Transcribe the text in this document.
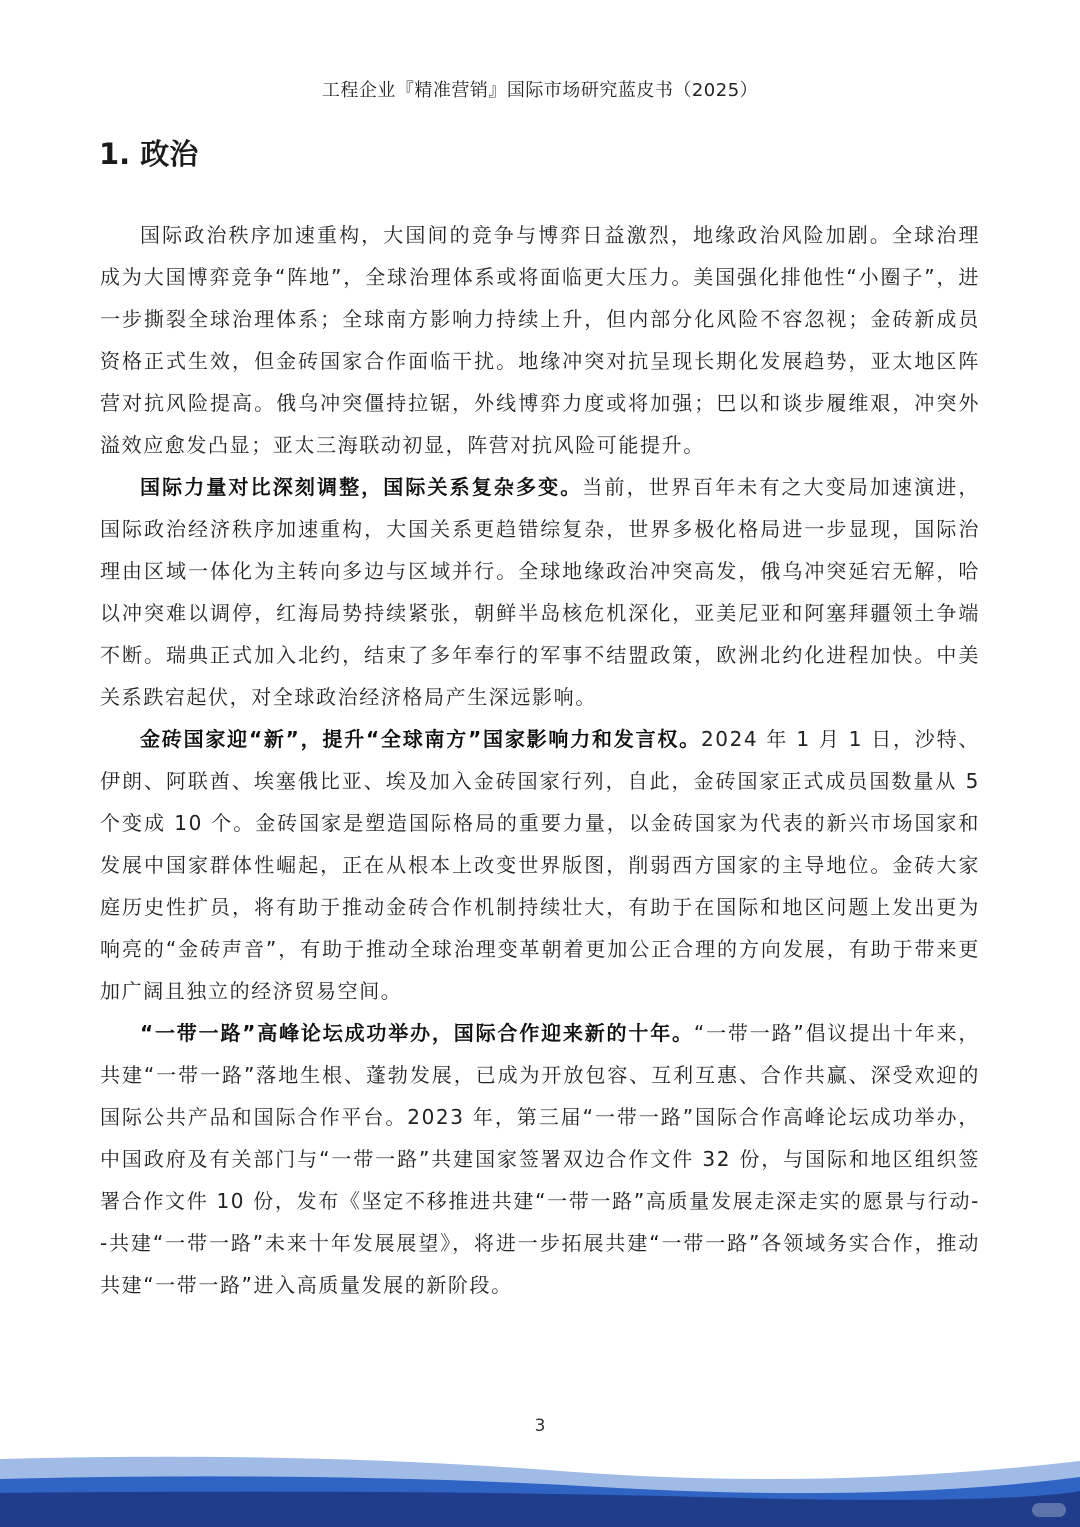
工程企业『精准营销』国际市场研究蓝皮书（2025）
1. 政治

国际政治秩序加速重构，大国间的竞争与博弈日益激烈，地缘政治风险加剧。全球治理成为大国博弈竞争“阵地”，全球治理体系或将面临更大压力。美国强化排他性“小圈子”，进一步撕裂全球治理体系；全球南方影响力持续上升，但内部分化风险不容忽视；金砖新成员资格正式生效，但金砖国家合作面临干扰。地缘冲突对抗呈现长期化发展趋势，亚太地区阵营对抗风险提高。俄乌冲突僵持拉锯，外线博弈力度或将加强；巴以和谈步履维艰，冲突外溢效应愈发凸显；亚太三海联动初显，阵营对抗风险可能提升。

国际力量对比深刻调整，国际关系复杂多变。当前，世界百年未有之大变局加速演进，国际政治经济秩序加速重构，大国关系更趋错综复杂，世界多极化格局进一步显现，国际治理由区域一体化为主转向多边与区域并行。全球地缘政治冲突高发，俄乌冲突延宕无解，哈以冲突难以调停，红海局势持续紧张，朝鲜半岛核危机深化，亚美尼亚和阿塞拜疆领土争端不断。瑞典正式加入北约，结束了多年奉行的军事不结盟政策，欧洲北约化进程加快。中美关系跌宕起伏，对全球政治经济格局产生深远影响。

金砖国家迎“新”，提升“全球南方”国家影响力和发言权。2024 年 1 月 1 日，沙特、伊朗、阿联酋、埃塞俄比亚、埃及加入金砖国家行列，自此，金砖国家正式成员国数量从 5 个变成 10 个。金砖国家是塑造国际格局的重要力量，以金砖国家为代表的新兴市场国家和发展中国家群体性崛起，正在从根本上改变世界版图，削弱西方国家的主导地位。金砖大家庭历史性扩员，将有助于推动金砖合作机制持续壮大，有助于在国际和地区问题上发出更为响亮的“金砖声音”，有助于推动全球治理变革朝着更加公正合理的方向发展，有助于带来更加广阔且独立的经济贸易空间。

“一带一路”高峰论坛成功举办，国际合作迎来新的十年。“一带一路”倡议提出十年来，共建“一带一路”落地生根、蓬勃发展，已成为开放包容、互利互惠、合作共赢、深受欢迎的国际公共产品和国际合作平台。2023 年，第三届“一带一路”国际合作高峰论坛成功举办，中国政府及有关部门与“一带一路”共建国家签署双边合作文件 32 份，与国际和地区组织签署合作文件 10 份，发布《坚定不移推进共建“一带一路”高质量发展走深走实的愿景与行动--共建“一带一路”未来十年发展展望》，将进一步拓展共建“一带一路”各领域务实合作，推动共建“一带一路”进入高质量发展的新阶段。

3
